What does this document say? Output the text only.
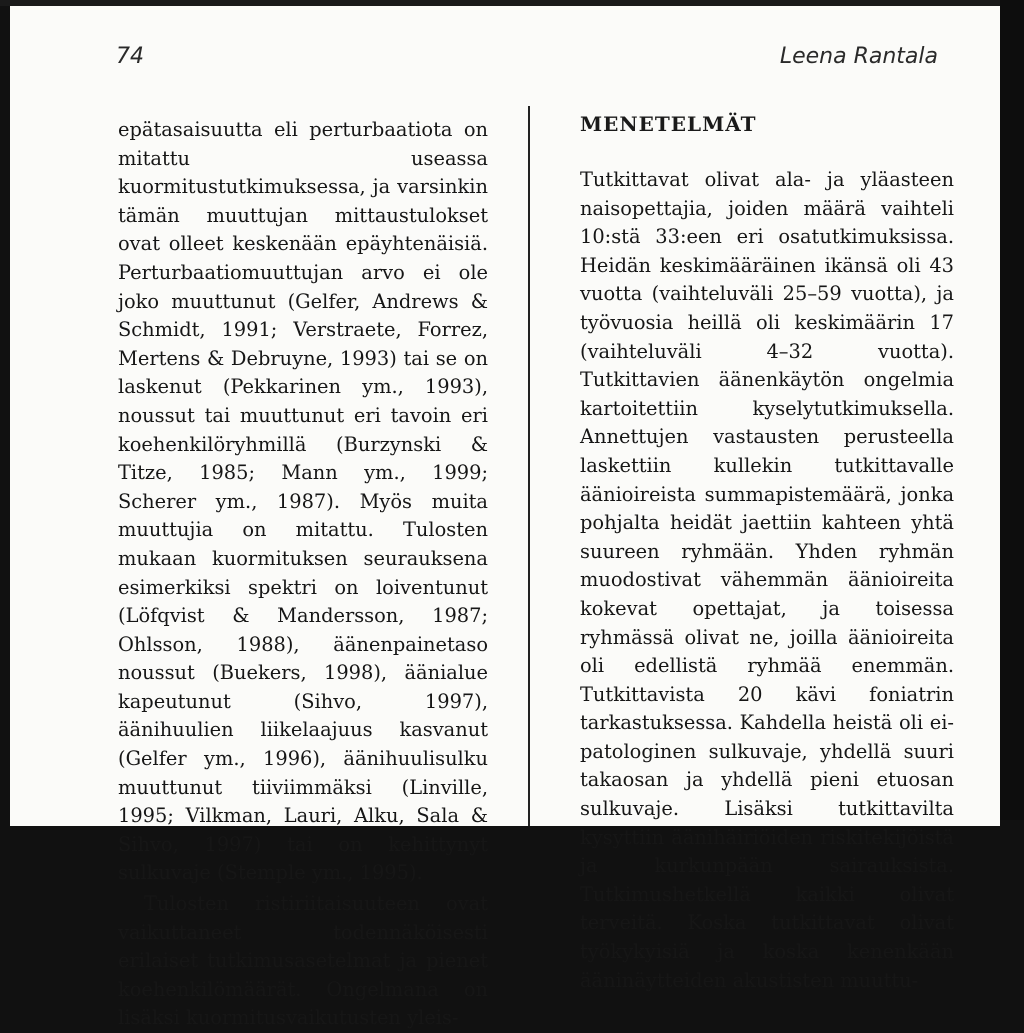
74	Leena Rantala

epätasaisuutta eli perturbaatiota on mitattu useassa kuormitustutkimuksessa, ja varsinkin tämän muuttujan mittaustulokset ovat olleet keskenään epäyhtenäisiä. Perturbaatiomuuttujan arvo ei ole joko muuttunut (Gelfer, Andrews & Schmidt, 1991; Verstraete, Forrez, Mertens & Debruyne, 1993) tai se on laskenut (Pekkarinen ym., 1993), noussut tai muuttunut eri tavoin eri koehenkilöryhmillä (Burzynski & Titze, 1985; Mann ym., 1999; Scherer ym., 1987). Myös muita muuttujia on mitattu. Tulosten mukaan kuormituksen seurauksena esimerkiksi spektri on loiventunut (Löfqvist & Mandersson, 1987; Ohlsson, 1988), äänenpainetaso noussut (Buekers, 1998), äänialue kapeutunut (Sihvo, 1997), äänihuulien liikelaajuus kasvanut (Gelfer ym., 1996), äänihuulisulku muuttunut tiiviimmäksi (Linville, 1995; Vilkman, Lauri, Alku, Sala & Sihvo, 1997) tai on kehittynyt sulkuvaje (Stemple ym., 1995).

Tulosten ristiriitaisuuteen ovat vaikuttaneet todennäköisesti erilaiset tutkimusasetelmat ja pienet koehenkilömäärät. Ongelmana on lisäksi kuormitusvaikutusten yleis-

MENETELMÄT

Tutkittavat olivat ala- ja yläasteen naisopettajia, joiden määrä vaihteli 10:stä 33:een eri osatutkimuksissa. Heidän keskimääräinen ikänsä oli 43 vuotta (vaihteluväli 25–59 vuotta), ja työvuosia heillä oli keskimäärin 17 (vaihteluväli 4–32 vuotta). Tutkittavien äänenkäytön ongelmia kartoitettiin kyselytutkimuksella. Annettujen vastausten perusteella laskettiin kullekin tutkittavalle äänioireista summapistemäärä, jonka pohjalta heidät jaettiin kahteen yhtä suureen ryhmään. Yhden ryhmän muodostivat vähemmän äänioireita kokevat opettajat, ja toisessa ryhmässä olivat ne, joilla äänioireita oli edellistä ryhmää enemmän. Tutkittavista 20 kävi foniatrin tarkastuksessa. Kahdella heistä oli ei-patologinen sulkuvaje, yhdellä suuri takaosan ja yhdellä pieni etuosan sulkuvaje. Lisäksi tutkittavilta kysyttiin äänihäiriöiden riskitekijöistä ja kurkunpään sairauksista. Tutkimushetkellä kaikki olivat terveitä. Koska tutkittavat olivat työkykyisiä ja koska kenenkään ääninäytteiden akustisten muuttu-
